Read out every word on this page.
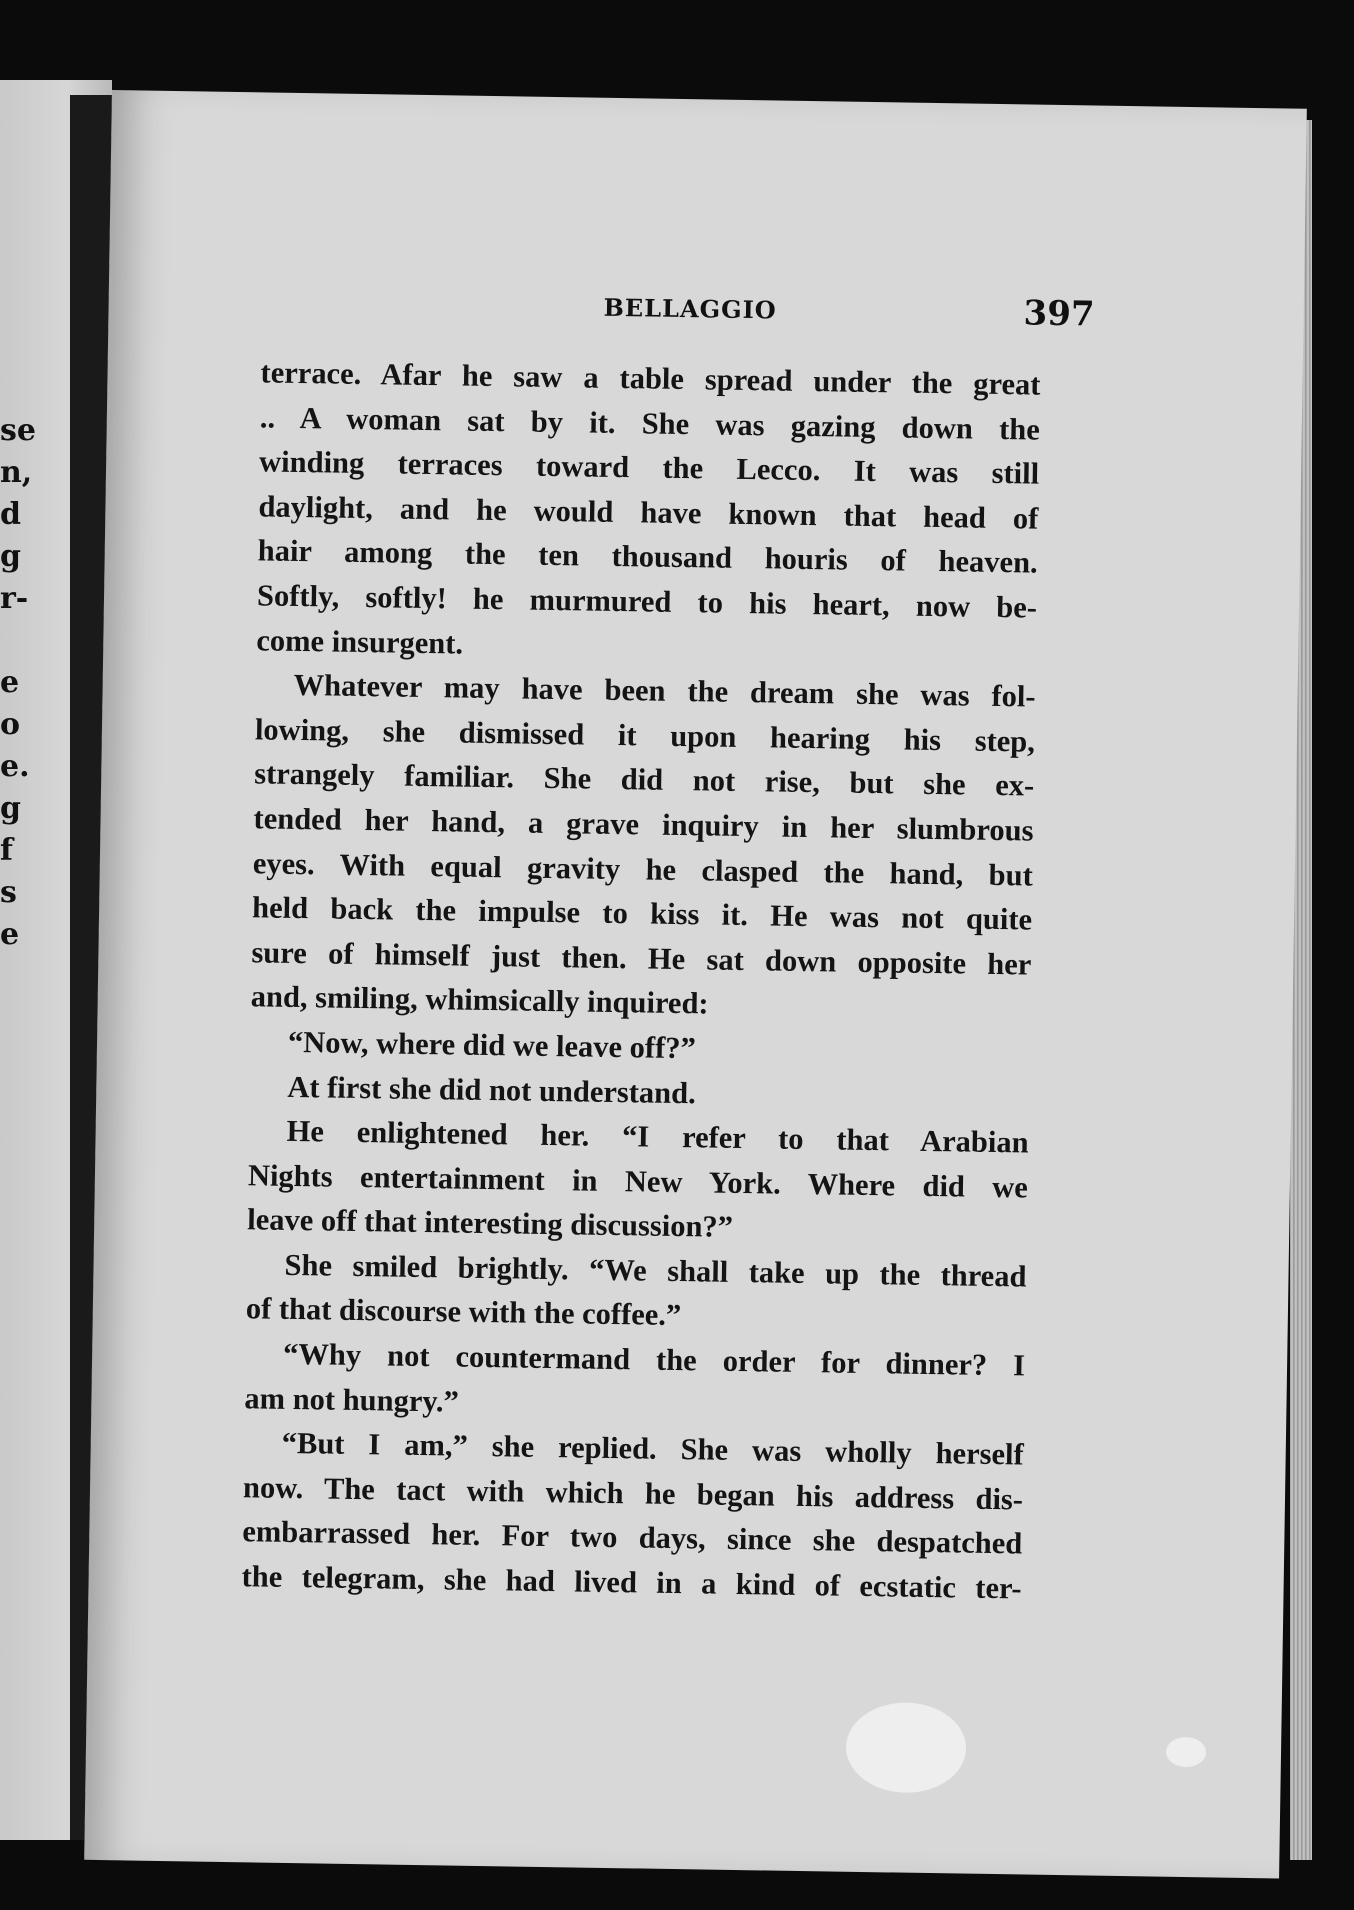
se
n,
d
g
r-
e
o
e.
g
f
s
e
BELLAGGIO	397
terrace. Afar he saw a table spread under the great
.. A woman sat by it. She was gazing down the
winding terraces toward the Lecco. It was still
daylight, and he would have known that head of
hair among the ten thousand houris of heaven.
Softly, softly! he murmured to his heart, now be-
come insurgent.
Whatever may have been the dream she was fol-
lowing, she dismissed it upon hearing his step,
strangely familiar. She did not rise, but she ex-
tended her hand, a grave inquiry in her slumbrous
eyes. With equal gravity he clasped the hand, but
held back the impulse to kiss it. He was not quite
sure of himself just then. He sat down opposite her
and, smiling, whimsically inquired:
“Now, where did we leave off?”
At first she did not understand.
He enlightened her. “I refer to that Arabian
Nights entertainment in New York. Where did we
leave off that interesting discussion?”
She smiled brightly. “We shall take up the thread
of that discourse with the coffee.”
“Why not countermand the order for dinner? I
am not hungry.”
“But I am,” she replied. She was wholly herself
now. The tact with which he began his address dis-
embarrassed her. For two days, since she despatched
the telegram, she had lived in a kind of ecstatic ter-
